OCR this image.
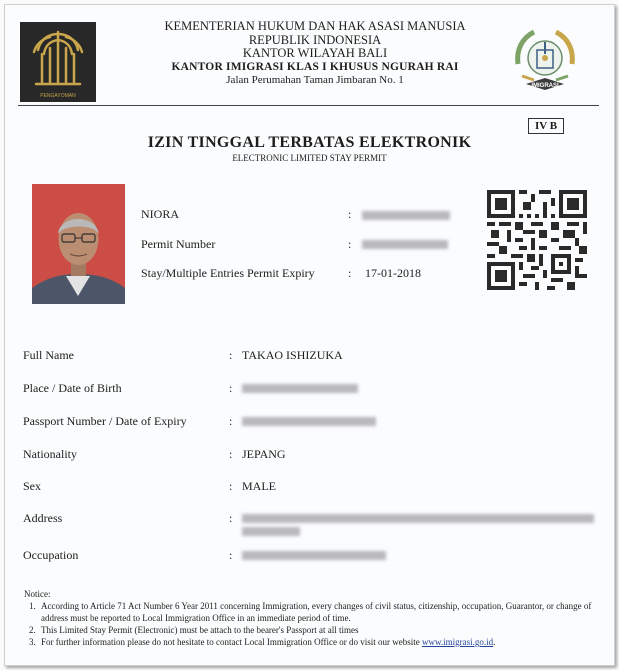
PENGAYOMAN
KEMENTERIAN HUKUM DAN HAK ASASI MANUSIA
REPUBLIK INDONESIA
KANTOR WILAYAH BALI
KANTOR IMIGRASI KLAS I KHUSUS NGURAH RAI
Jalan Perumahan Taman Jimbaran No. 1	IMIGRASI
IV B
IZIN TINGGAL TERBATAS ELEKTRONIK
ELECTRONIC LIMITED STAY PERMIT
NIORA	:
Permit Number	:
Stay/Multiple Entries Permit Expiry	: 17-01-2018
Full Name	: TAKAO ISHIZUKA
Place / Date of Birth	:
Passport Number / Date of Expiry	:
Nationality	: JEPANG
Sex	: MALE
Address	:
Occupation	:
Notice:
1. According to Article 71 Act Number 6 Year 2011 concerning Immigration, every changes of civil status, citizenship, occupation, Guarantor, or change of address must be reported to Local Immigration Office in an immediate period of time.
2. This Limited Stay Permit (Electronic) must be attach to the bearer's Passport at all times
3. For further information please do not hesitate to contact Local Immigration Office or do visit our website www.imigrasi.go.id.
